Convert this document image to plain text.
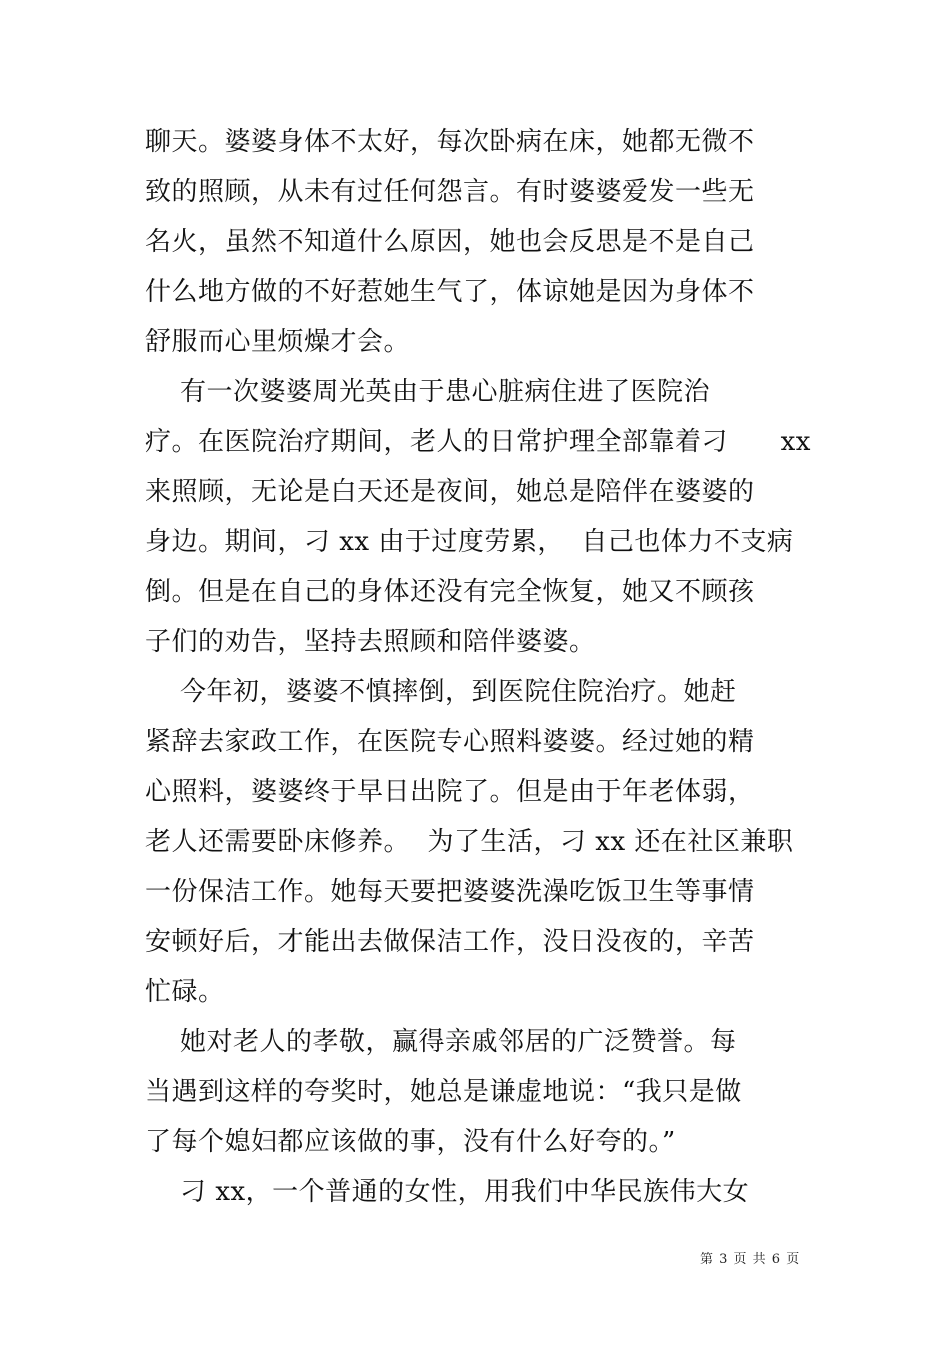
聊天。婆婆身体不太好，每次卧病在床，她都无微不
致的照顾，从未有过任何怨言。有时婆婆爱发一些无
名火，虽然不知道什么原因，她也会反思是不是自己
什么地方做的不好惹她生气了，体谅她是因为身体不
舒服而心里烦燥才会。
有一次婆婆周光英由于患心脏病住进了医院治
疗。在医院治疗期间，老人的日常护理全部靠着刁      xx
来照顾，无论是白天还是夜间，她总是陪伴在婆婆的
身边。期间，刁 xx 由于过度劳累，  自己也体力不支病
倒。但是在自己的身体还没有完全恢复，她又不顾孩
子们的劝告，坚持去照顾和陪伴婆婆。
今年初，婆婆不慎摔倒，到医院住院治疗。她赶
紧辞去家政工作，在医院专心照料婆婆。经过她的精
心照料，婆婆终于早日出院了。但是由于年老体弱，
老人还需要卧床修养。  为了生活，刁 xx 还在社区兼职
一份保洁工作。她每天要把婆婆洗澡吃饭卫生等事情
安顿好后，才能出去做保洁工作，没日没夜的，辛苦
忙碌。
她对老人的孝敬，赢得亲戚邻居的广泛赞誉。每
当遇到这样的夸奖时，她总是谦虚地说：“我只是做
了每个媳妇都应该做的事，没有什么好夸的。”
刁 xx，一个普通的女性，用我们中华民族伟大女
第 3 页 共 6 页
